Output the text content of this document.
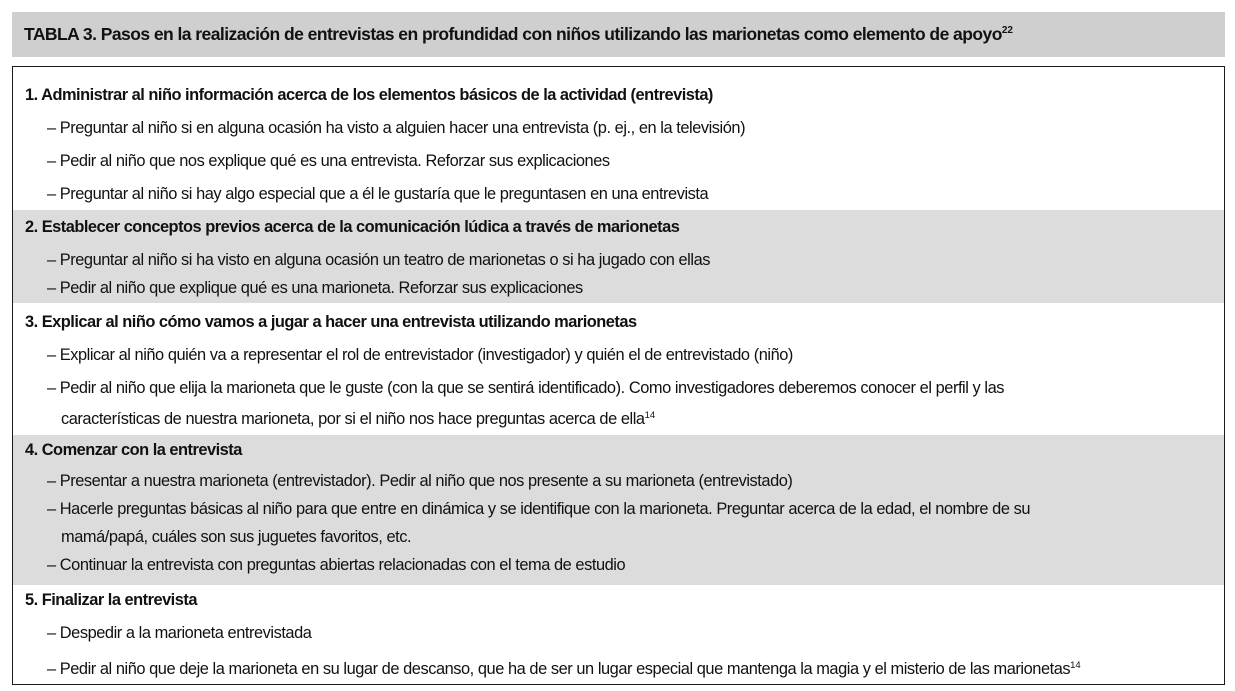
TABLA 3. Pasos en la realización de entrevistas en profundidad con niños utilizando las marionetas como elemento de apoyo$^{22}$
1. Administrar al niño información acerca de los elementos básicos de la actividad (entrevista)
– Preguntar al niño si en alguna ocasión ha visto a alguien hacer una entrevista (p. ej., en la televisión)
– Pedir al niño que nos explique qué es una entrevista. Reforzar sus explicaciones
– Preguntar al niño si hay algo especial que a él le gustaría que le preguntasen en una entrevista
2. Establecer conceptos previos acerca de la comunicación lúdica a través de marionetas
– Preguntar al niño si ha visto en alguna ocasión un teatro de marionetas o si ha jugado con ellas
– Pedir al niño que explique qué es una marioneta. Reforzar sus explicaciones
3. Explicar al niño cómo vamos a jugar a hacer una entrevista utilizando marionetas
– Explicar al niño quién va a representar el rol de entrevistador (investigador) y quién el de entrevistado (niño)
– Pedir al niño que elija la marioneta que le guste (con la que se sentirá identificado). Como investigadores deberemos conocer el perfil y las
características de nuestra marioneta, por si el niño nos hace preguntas acerca de ella$^{14}$
4. Comenzar con la entrevista
– Presentar a nuestra marioneta (entrevistador). Pedir al niño que nos presente a su marioneta (entrevistado)
– Hacerle preguntas básicas al niño para que entre en dinámica y se identifique con la marioneta. Preguntar acerca de la edad, el nombre de su
mamá/papá, cuáles son sus juguetes favoritos, etc.
– Continuar la entrevista con preguntas abiertas relacionadas con el tema de estudio
5. Finalizar la entrevista
– Despedir a la marioneta entrevistada
– Pedir al niño que deje la marioneta en su lugar de descanso, que ha de ser un lugar especial que mantenga la magia y el misterio de las marionetas$^{14}$
